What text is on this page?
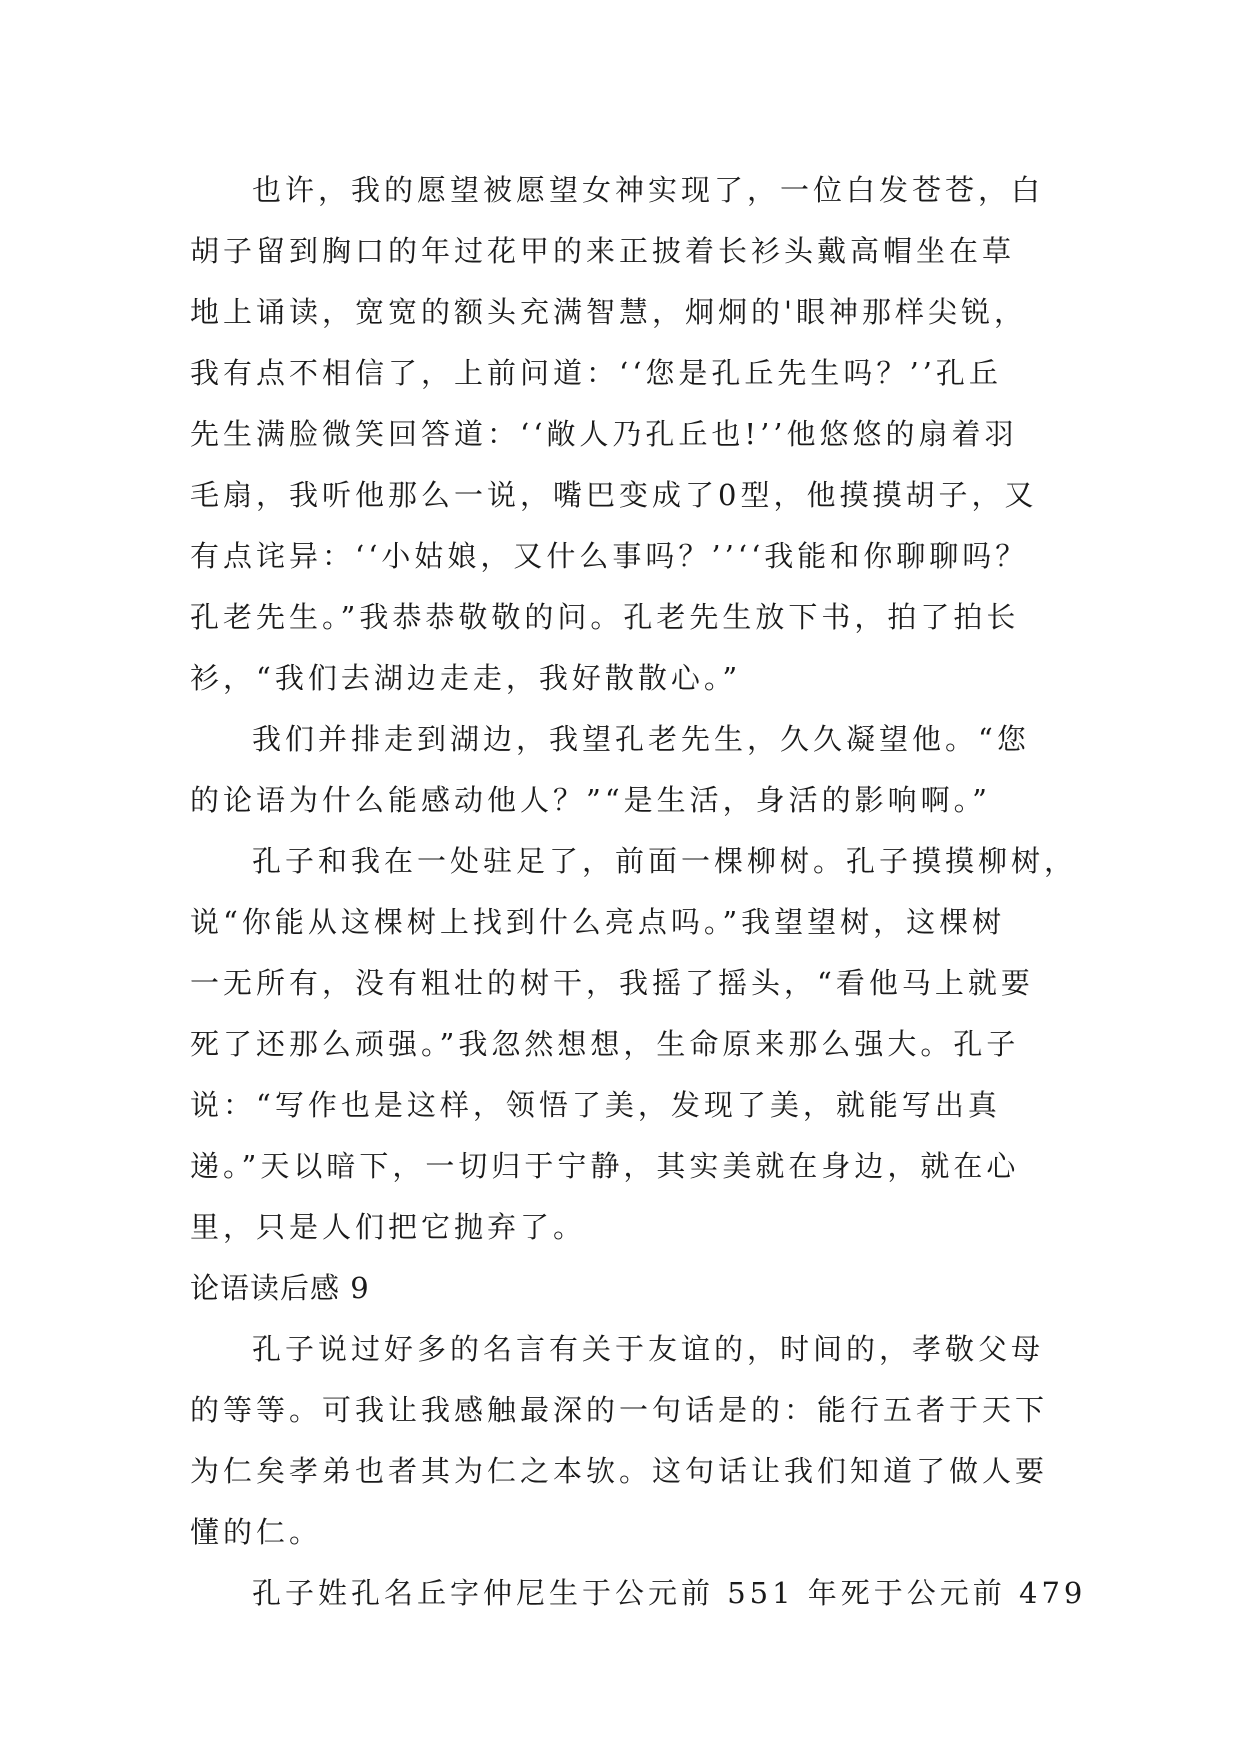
也许，我的愿望被愿望女神实现了，一位白发苍苍，白
胡子留到胸口的年过花甲的来正披着长衫头戴高帽坐在草
地上诵读，宽宽的额头充满智慧，炯炯的'眼神那样尖锐，
我有点不相信了，上前问道：‘‘您是孔丘先生吗？’’孔丘
先生满脸微笑回答道：‘‘敞人乃孔丘也!’’他悠悠的扇着羽
毛扇，我听他那么一说，嘴巴变成了0型，他摸摸胡子，又
有点诧异：‘‘小姑娘，又什么事吗？’’‘‘我能和你聊聊吗？
孔老先生。”我恭恭敬敬的问。孔老先生放下书，拍了拍长
衫，“我们去湖边走走，我好散散心。”
我们并排走到湖边，我望孔老先生，久久凝望他。“您
的论语为什么能感动他人？”“是生活，身活的影响啊。”
孔子和我在一处驻足了，前面一棵柳树。孔子摸摸柳树，
说“你能从这棵树上找到什么亮点吗。”我望望树，这棵树
一无所有，没有粗壮的树干，我摇了摇头，“看他马上就要
死了还那么顽强。”我忽然想想，生命原来那么强大。孔子
说：“写作也是这样，领悟了美，发现了美，就能写出真
递。”天以暗下，一切归于宁静，其实美就在身边，就在心
里，只是人们把它抛弃了。
论语读后感 9
孔子说过好多的名言有关于友谊的，时间的，孝敬父母
的等等。可我让我感触最深的一句话是的：能行五者于天下
为仁矣孝弟也者其为仁之本欤。这句话让我们知道了做人要
懂的仁。
孔子姓孔名丘字仲尼生于公元前 551 年死于公元前 479
